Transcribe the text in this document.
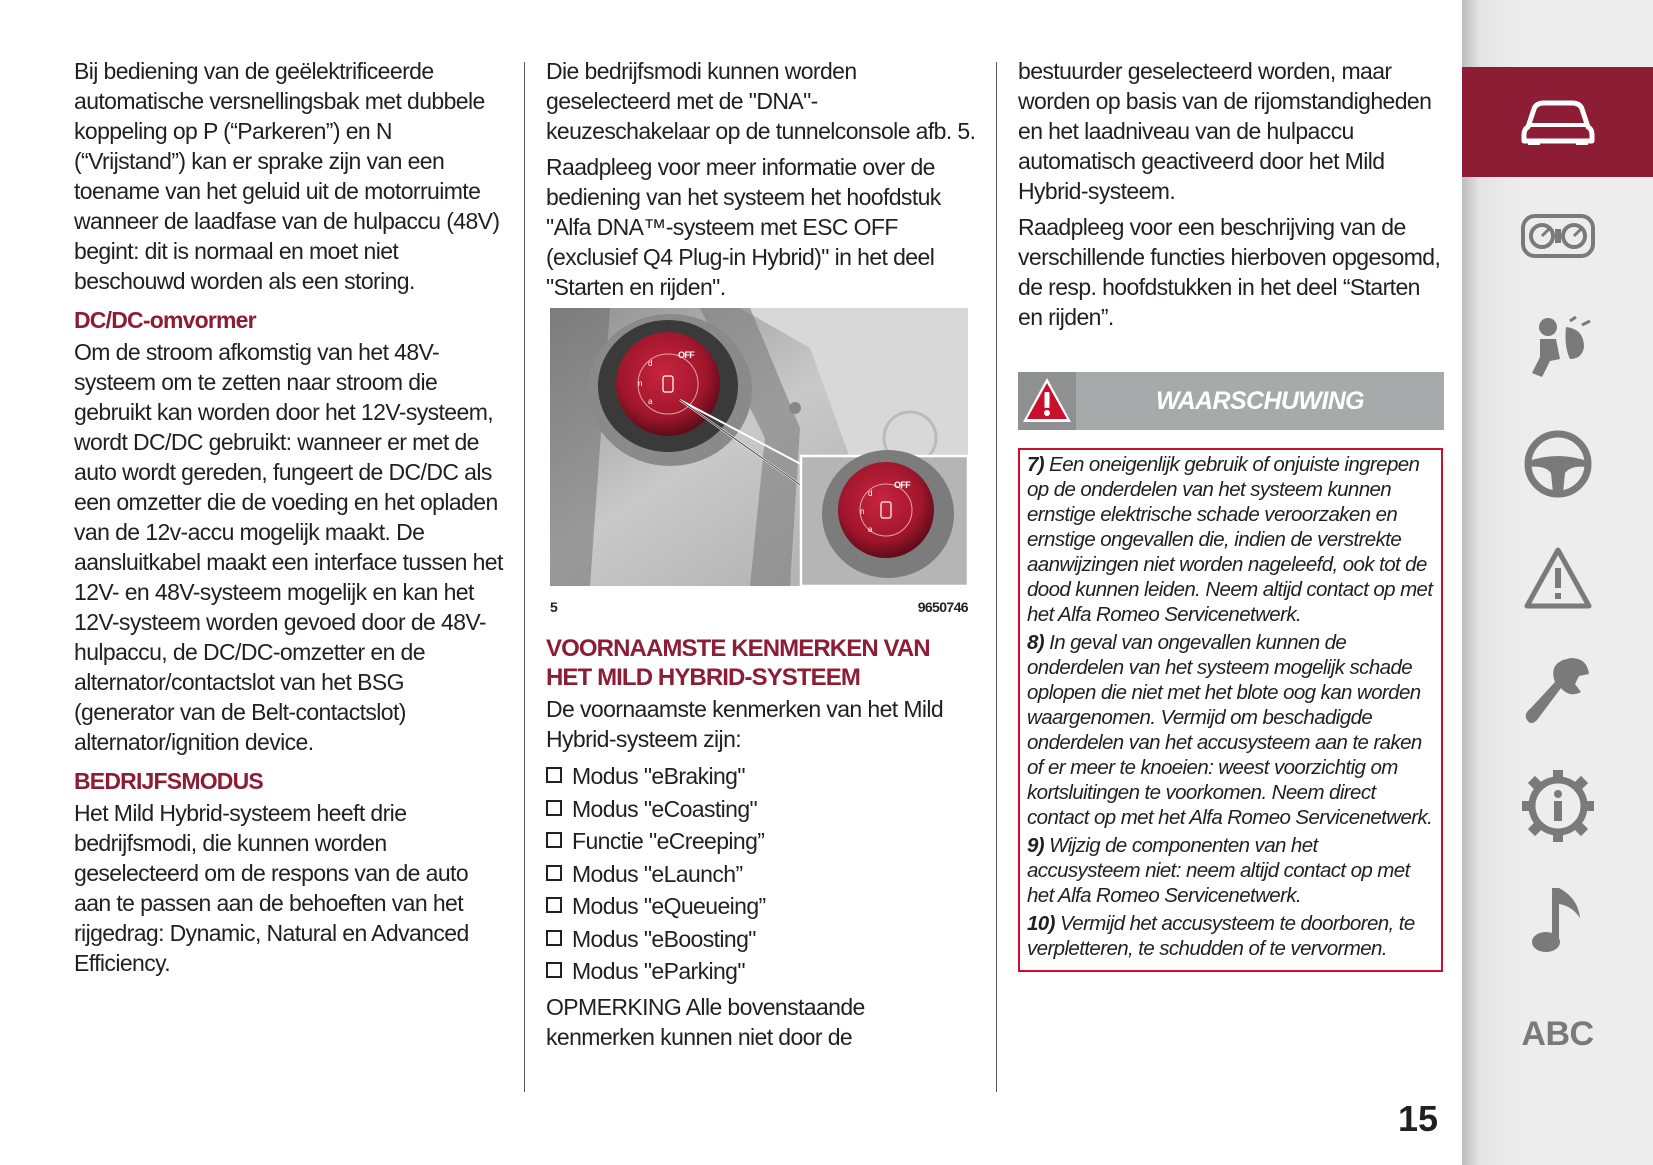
Bij bediening van de geëlektrificeerde automatische versnellingsbak met dubbele koppeling op P (“Parkeren”) en N (“Vrijstand”) kan er sprake zijn van een toename van het geluid uit de motorruimte wanneer de laadfase van de hulpaccu (48V) begint: dit is normaal en moet niet beschouwd worden als een storing.

DC/DC-omvormer

Om de stroom afkomstig van het 48V-systeem om te zetten naar stroom die gebruikt kan worden door het 12V-systeem, wordt DC/DC gebruikt: wanneer er met de auto wordt gereden, fungeert de DC/DC als een omzetter die de voeding en het opladen van de 12v-accu mogelijk maakt. De aansluitkabel maakt een interface tussen het 12V- en 48V-systeem mogelijk en kan het 12V-systeem worden gevoed door de 48V-hulpaccu, de DC/DC-omzetter en de alternator/contactslot van het BSG (generator van de Belt-contactslot) alternator/ignition device.

BEDRIJFSMODUS

Het Mild Hybrid-systeem heeft drie bedrijfsmodi, die kunnen worden geselecteerd om de respons van de auto aan te passen aan de behoeften van het rijgedrag: Dynamic, Natural en Advanced Efficiency.

Die bedrijfsmodi kunnen worden geselecteerd met de "DNA"-keuzeschakelaar op de tunnelconsole afb. 5.

Raadpleeg voor meer informatie over de bediening van het systeem het hoofdstuk "Alfa DNA™-systeem met ESC OFF (exclusief Q4 Plug-in Hybrid)" in het deel "Starten en rijden".

OFF
d
n
a
OFF
d
n
a
5	9650746
VOORNAAMSTE KENMERKEN VAN HET MILD HYBRID-SYSTEEM

De voornaamste kenmerken van het Mild Hybrid-systeem zijn:

Modus "eBraking"
Modus "eCoasting"
Functie "eCreeping”
Modus "eLaunch”
Modus "eQueueing”
Modus "eBoosting"
Modus "eParking"

OPMERKING Alle bovenstaande kenmerken kunnen niet door de

bestuurder geselecteerd worden, maar worden op basis van de rijomstandigheden en het laadniveau van de hulpaccu automatisch geactiveerd door het Mild Hybrid-systeem.

Raadpleeg voor een beschrijving van de verschillende functies hierboven opgesomd, de resp. hoofdstukken in het deel “Starten en rijden”.

WAARSCHUWING

7) Een oneigenlijk gebruik of onjuiste ingrepen op de onderdelen van het systeem kunnen ernstige elektrische schade veroorzaken en ernstige ongevallen die, indien de verstrekte aanwijzingen niet worden nageleefd, ook tot de dood kunnen leiden. Neem altijd contact op met het Alfa Romeo Servicenetwerk.

8) In geval van ongevallen kunnen de onderdelen van het systeem mogelijk schade oplopen die niet met het blote oog kan worden waargenomen. Vermijd om beschadigde onderdelen van het accusysteem aan te raken of er meer te knoeien: weest voorzichtig om kortsluitingen te voorkomen. Neem direct contact op met het Alfa Romeo Servicenetwerk.

9) Wijzig de componenten van het accusysteem niet: neem altijd contact op met het Alfa Romeo Servicenetwerk.

10) Vermijd het accusysteem te doorboren, te verpletteren, te schudden of te vervormen.

15
ABC
